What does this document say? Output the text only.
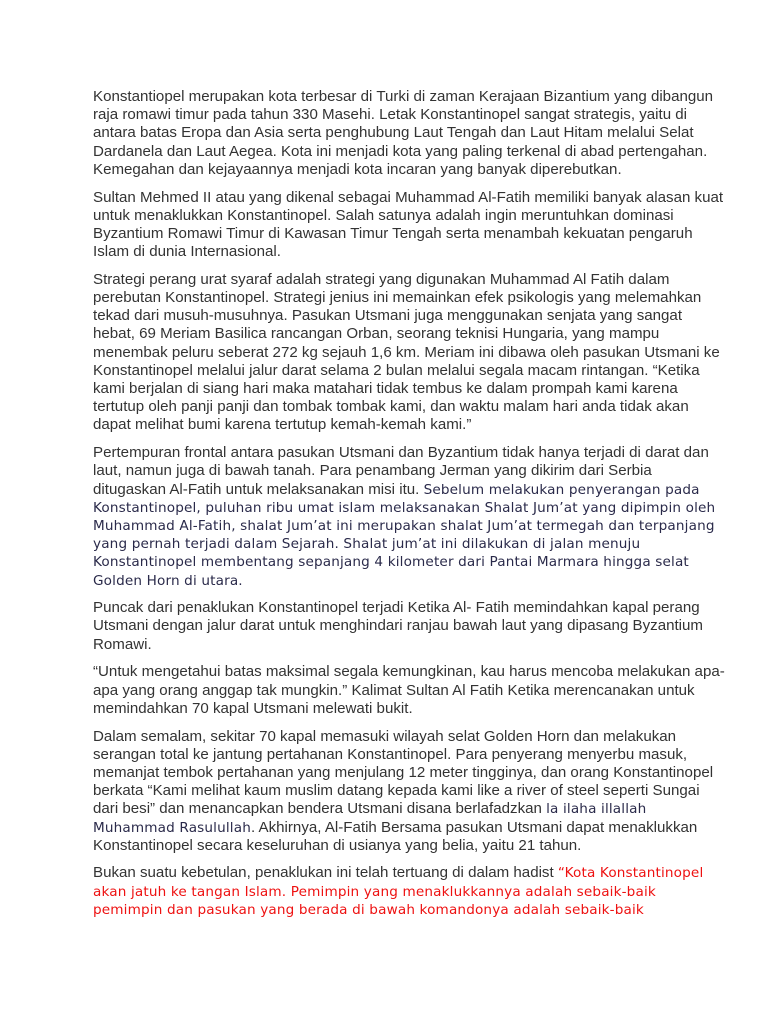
Konstantiopel merupakan kota terbesar di Turki di zaman Kerajaan Bizantium yang dibangun raja romawi timur pada tahun 330 Masehi. Letak Konstantinopel sangat strategis, yaitu di antara batas Eropa dan Asia serta penghubung Laut Tengah dan Laut Hitam melalui Selat Dardanela dan Laut Aegea. Kota ini menjadi kota yang paling terkenal di abad pertengahan. Kemegahan dan kejayaannya menjadi kota incaran yang banyak diperebutkan.

Sultan Mehmed II atau yang dikenal sebagai Muhammad Al-Fatih memiliki banyak alasan kuat untuk menaklukkan Konstantinopel. Salah satunya adalah ingin meruntuhkan dominasi Byzantium Romawi Timur di Kawasan Timur Tengah serta menambah kekuatan pengaruh Islam di dunia Internasional.

Strategi perang urat syaraf adalah strategi yang digunakan Muhammad Al Fatih dalam perebutan Konstantinopel. Strategi jenius ini memainkan efek psikologis yang melemahkan tekad dari musuh-musuhnya. Pasukan Utsmani juga menggunakan senjata yang sangat hebat, 69 Meriam Basilica rancangan Orban, seorang teknisi Hungaria, yang mampu menembak peluru seberat 272 kg sejauh 1,6 km. Meriam ini dibawa oleh pasukan Utsmani ke Konstantinopel melalui jalur darat selama 2 bulan melalui segala macam rintangan. “Ketika kami berjalan di siang hari maka matahari tidak tembus ke dalam prompah kami karena tertutup oleh panji panji dan tombak tombak kami, dan waktu malam hari anda tidak akan dapat melihat bumi karena tertutup kemah-kemah kami.”

Pertempuran frontal antara pasukan Utsmani dan Byzantium tidak hanya terjadi di darat dan laut, namun juga di bawah tanah. Para penambang Jerman yang dikirim dari Serbia ditugaskan Al-Fatih untuk melaksanakan misi itu. Sebelum melakukan penyerangan pada Konstantinopel, puluhan ribu umat islam melaksanakan Shalat Jum’at yang dipimpin oleh Muhammad Al-Fatih, shalat Jum’at ini merupakan shalat Jum’at termegah dan terpanjang yang pernah terjadi dalam Sejarah. Shalat jum’at ini dilakukan di jalan menuju Konstantinopel membentang sepanjang 4 kilometer dari Pantai Marmara hingga selat Golden Horn di utara.

Puncak dari penaklukan Konstantinopel terjadi Ketika Al- Fatih memindahkan kapal perang Utsmani dengan jalur darat untuk menghindari ranjau bawah laut yang dipasang Byzantium Romawi.

“Untuk mengetahui batas maksimal segala kemungkinan, kau harus mencoba melakukan apa-apa yang orang anggap tak mungkin.” Kalimat Sultan Al Fatih Ketika merencanakan untuk memindahkan 70 kapal Utsmani melewati bukit.

Dalam semalam, sekitar 70 kapal memasuki wilayah selat Golden Horn dan melakukan serangan total ke jantung pertahanan Konstantinopel. Para penyerang menyerbu masuk, memanjat tembok pertahanan yang menjulang 12 meter tingginya, dan orang Konstantinopel berkata “Kami melihat kaum muslim datang kepada kami like a river of steel seperti Sungai dari besi” dan menancapkan bendera Utsmani disana berlafadzkan la ilaha illallah Muhammad Rasulullah. Akhirnya, Al-Fatih Bersama pasukan Utsmani dapat menaklukkan Konstantinopel secara keseluruhan di usianya yang belia, yaitu 21 tahun.

Bukan suatu kebetulan, penaklukan ini telah tertuang di dalam hadist “Kota Konstantinopel akan jatuh ke tangan Islam. Pemimpin yang menaklukkannya adalah sebaik-baik pemimpin dan pasukan yang berada di bawah komandonya adalah sebaik-baik
